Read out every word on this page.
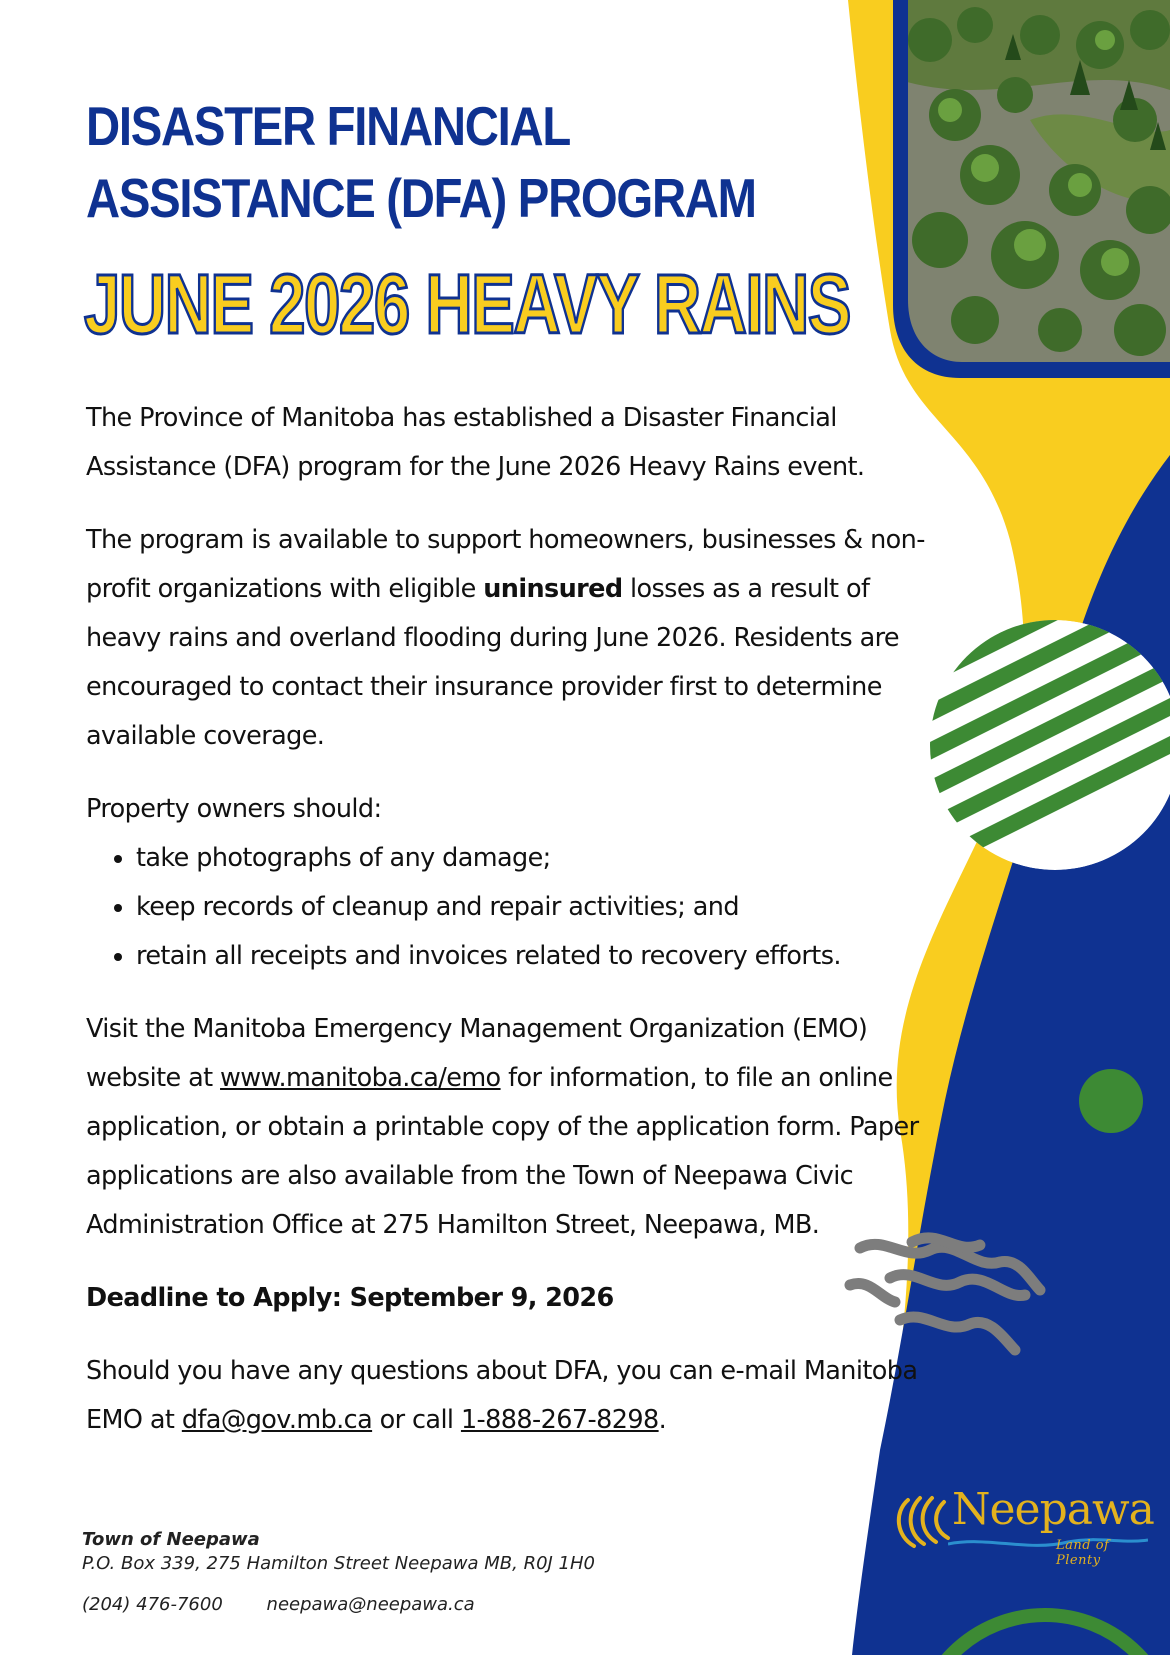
DISASTER FINANCIAL
ASSISTANCE (DFA) PROGRAM
JUNE 2026 HEAVY RAINS

The Province of Manitoba has established a Disaster Financial Assistance (DFA) program for the June 2026 Heavy Rains event.

The program is available to support homeowners, businesses & non-profit organizations with eligible uninsured losses as a result of heavy rains and overland flooding during June 2026. Residents are encouraged to contact their insurance provider first to determine available coverage.

Property owners should:
• take photographs of any damage;
• keep records of cleanup and repair activities; and
• retain all receipts and invoices related to recovery efforts.

Visit the Manitoba Emergency Management Organization (EMO) website at www.manitoba.ca/emo for information, to file an online application, or obtain a printable copy of the application form. Paper applications are also available from the Town of Neepawa Civic Administration Office at 275 Hamilton Street, Neepawa, MB.

Deadline to Apply: September 9, 2026

Should you have any questions about DFA, you can e-mail Manitoba EMO at dfa@gov.mb.ca or call 1-888-267-8298.

Town of Neepawa
P.O. Box 339, 275 Hamilton Street Neepawa MB, R0J 1H0
(204) 476-7600 neepawa@neepawa.ca
Neepawa
Land of Plenty
